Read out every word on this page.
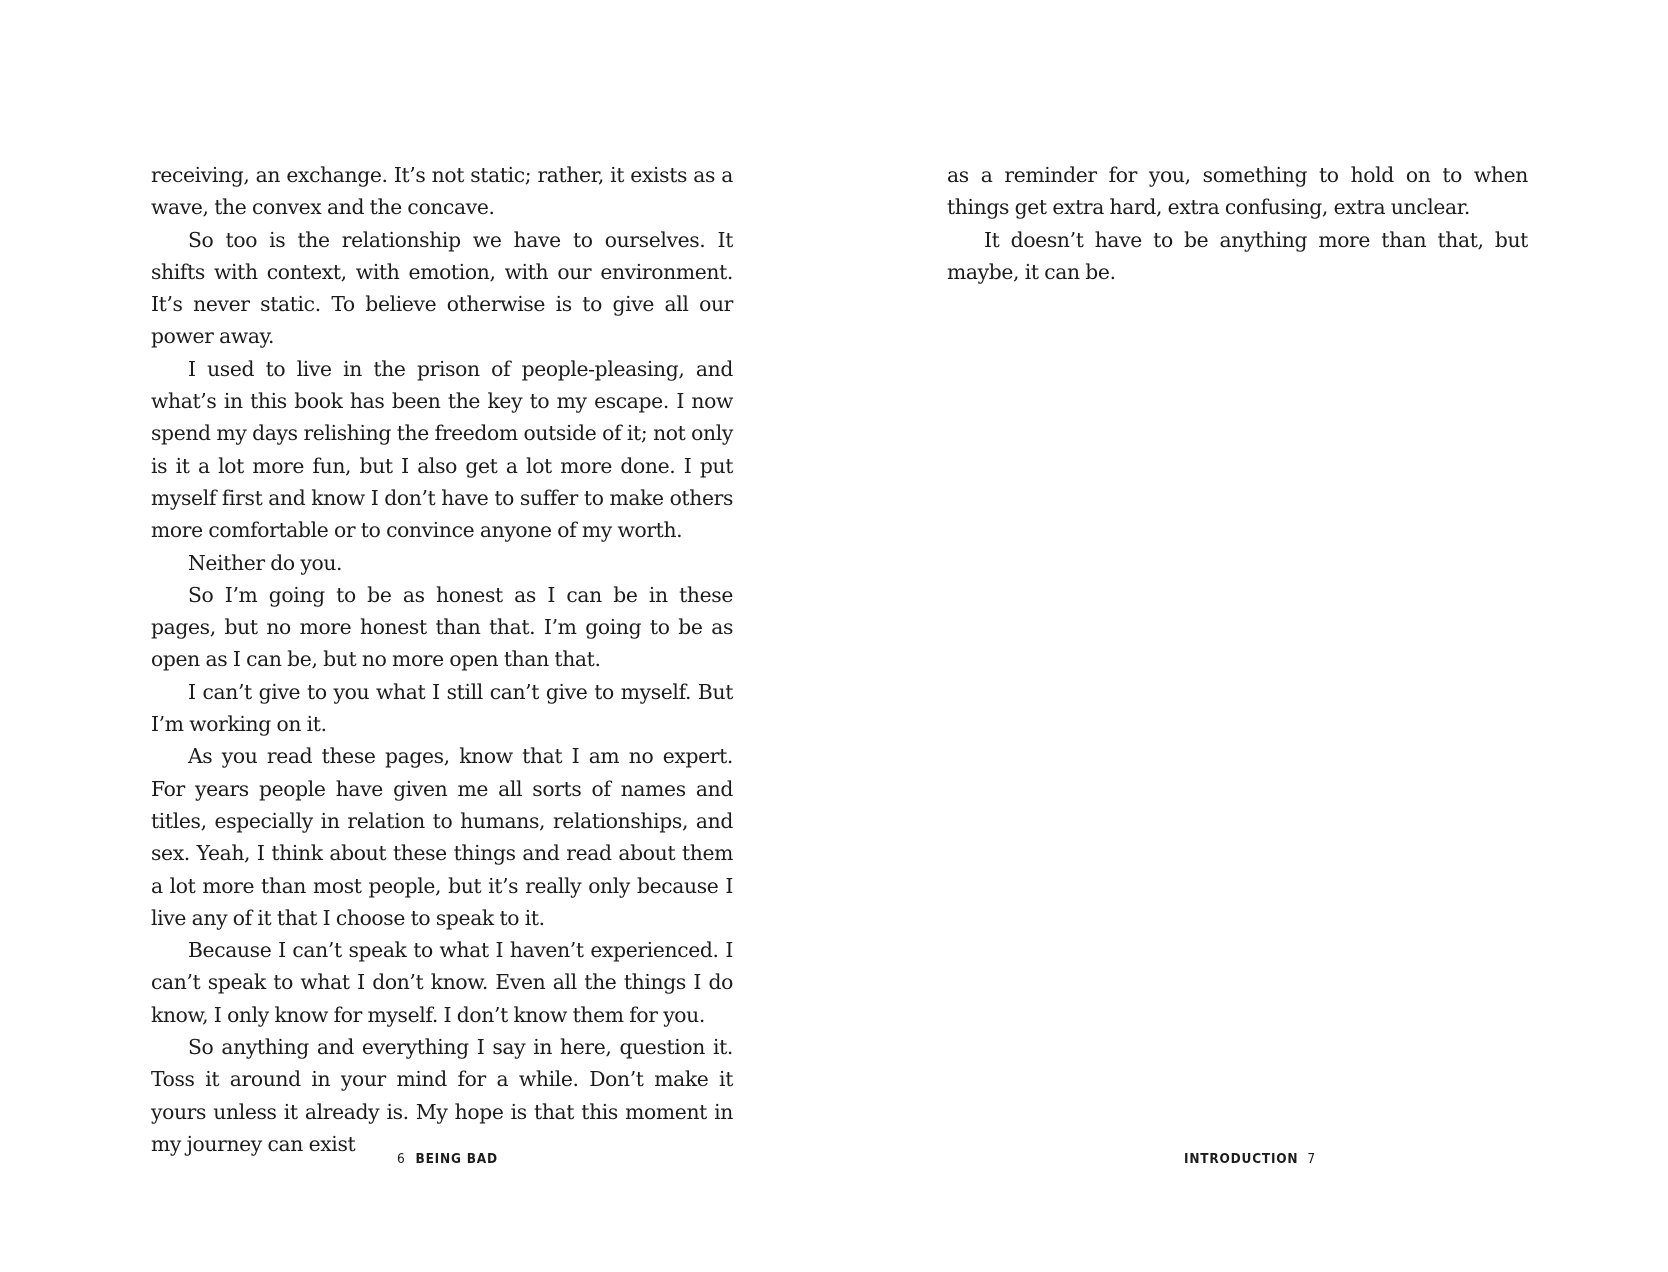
receiving, an exchange. It’s not static; rather, it exists as a wave, the convex and the concave.

So too is the relationship we have to ourselves. It shifts with context, with emotion, with our environment. It’s never static. To believe otherwise is to give all our power away.

I used to live in the prison of people-pleasing, and what’s in this book has been the key to my escape. I now spend my days relishing the freedom outside of it; not only is it a lot more fun, but I also get a lot more done. I put myself first and know I don’t have to suffer to make others more comfortable or to convince anyone of my worth.

Neither do you.

So I’m going to be as honest as I can be in these pages, but no more honest than that. I’m going to be as open as I can be, but no more open than that.

I can’t give to you what I still can’t give to myself. But I’m working on it.

As you read these pages, know that I am no expert. For years people have given me all sorts of names and titles, especially in relation to humans, relationships, and sex. Yeah, I think about these things and read about them a lot more than most people, but it’s really only because I live any of it that I choose to speak to it.

Because I can’t speak to what I haven’t experienced. I can’t speak to what I don’t know. Even all the things I do know, I only know for myself. I don’t know them for you.

So anything and everything I say in here, question it. Toss it around in your mind for a while. Don’t make it yours unless it already is. My hope is that this moment in my journey can exist

6 BEING BAD

as a reminder for you, something to hold on to when things get extra hard, extra confusing, extra unclear.

It doesn’t have to be anything more than that, but maybe, it can be.

INTRODUCTION 7
